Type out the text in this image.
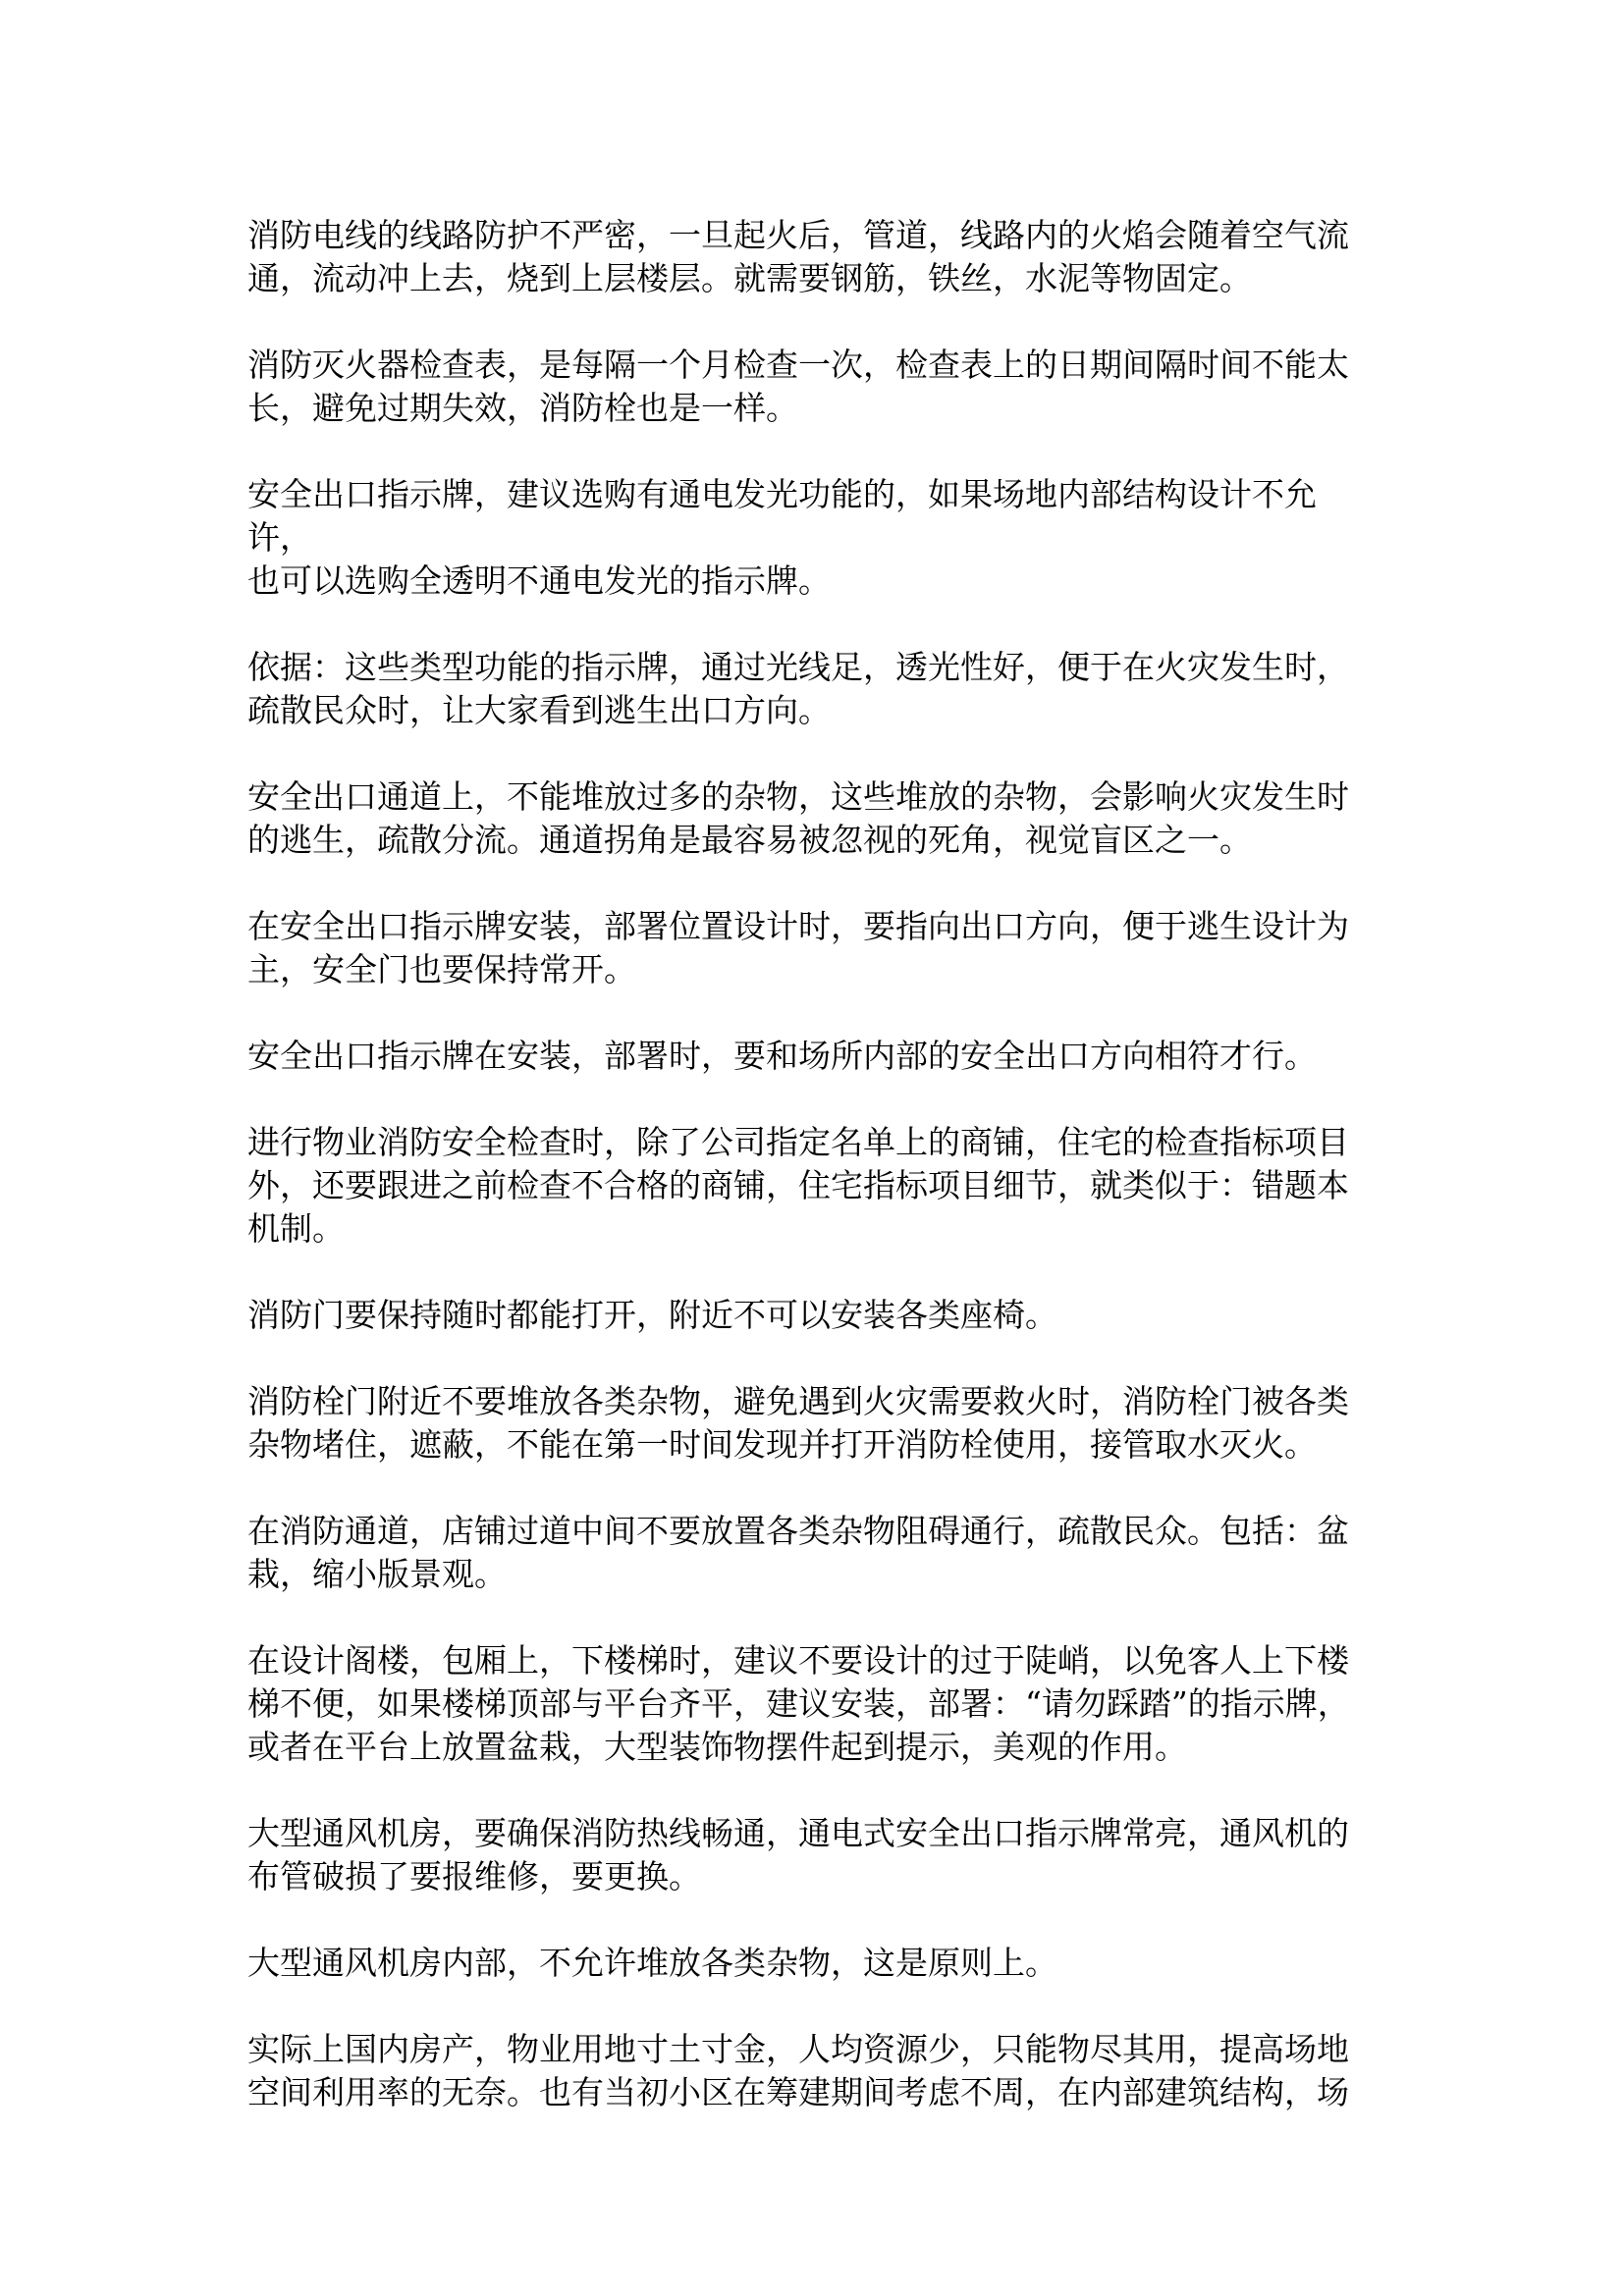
消防电线的线路防护不严密，一旦起火后，管道，线路内的火焰会随着空气流
通，流动冲上去，烧到上层楼层。就需要钢筋，铁丝，水泥等物固定。

消防灭火器检查表，是每隔一个月检查一次，检查表上的日期间隔时间不能太
长，避免过期失效，消防栓也是一样。

安全出口指示牌，建议选购有通电发光功能的，如果场地内部结构设计不允许，
也可以选购全透明不通电发光的指示牌。

依据：这些类型功能的指示牌，通过光线足，透光性好，便于在火灾发生时，
疏散民众时，让大家看到逃生出口方向。

安全出口通道上，不能堆放过多的杂物，这些堆放的杂物，会影响火灾发生时
的逃生，疏散分流。通道拐角是最容易被忽视的死角，视觉盲区之一。

在安全出口指示牌安装，部署位置设计时，要指向出口方向，便于逃生设计为
主，安全门也要保持常开。

安全出口指示牌在安装，部署时，要和场所内部的安全出口方向相符才行。

进行物业消防安全检查时，除了公司指定名单上的商铺，住宅的检查指标项目
外，还要跟进之前检查不合格的商铺，住宅指标项目细节，就类似于：错题本
机制。

消防门要保持随时都能打开，附近不可以安装各类座椅。

消防栓门附近不要堆放各类杂物，避免遇到火灾需要救火时，消防栓门被各类
杂物堵住，遮蔽，不能在第一时间发现并打开消防栓使用，接管取水灭火。

在消防通道，店铺过道中间不要放置各类杂物阻碍通行，疏散民众。包括：盆
栽，缩小版景观。

在设计阁楼，包厢上，下楼梯时，建议不要设计的过于陡峭，以免客人上下楼
梯不便，如果楼梯顶部与平台齐平，建议安装，部署：“请勿踩踏”的指示牌，
或者在平台上放置盆栽，大型装饰物摆件起到提示，美观的作用。

大型通风机房，要确保消防热线畅通，通电式安全出口指示牌常亮，通风机的
布管破损了要报维修，要更换。

大型通风机房内部，不允许堆放各类杂物，这是原则上。

实际上国内房产，物业用地寸土寸金，人均资源少，只能物尽其用，提高场地
空间利用率的无奈。也有当初小区在筹建期间考虑不周，在内部建筑结构，场
